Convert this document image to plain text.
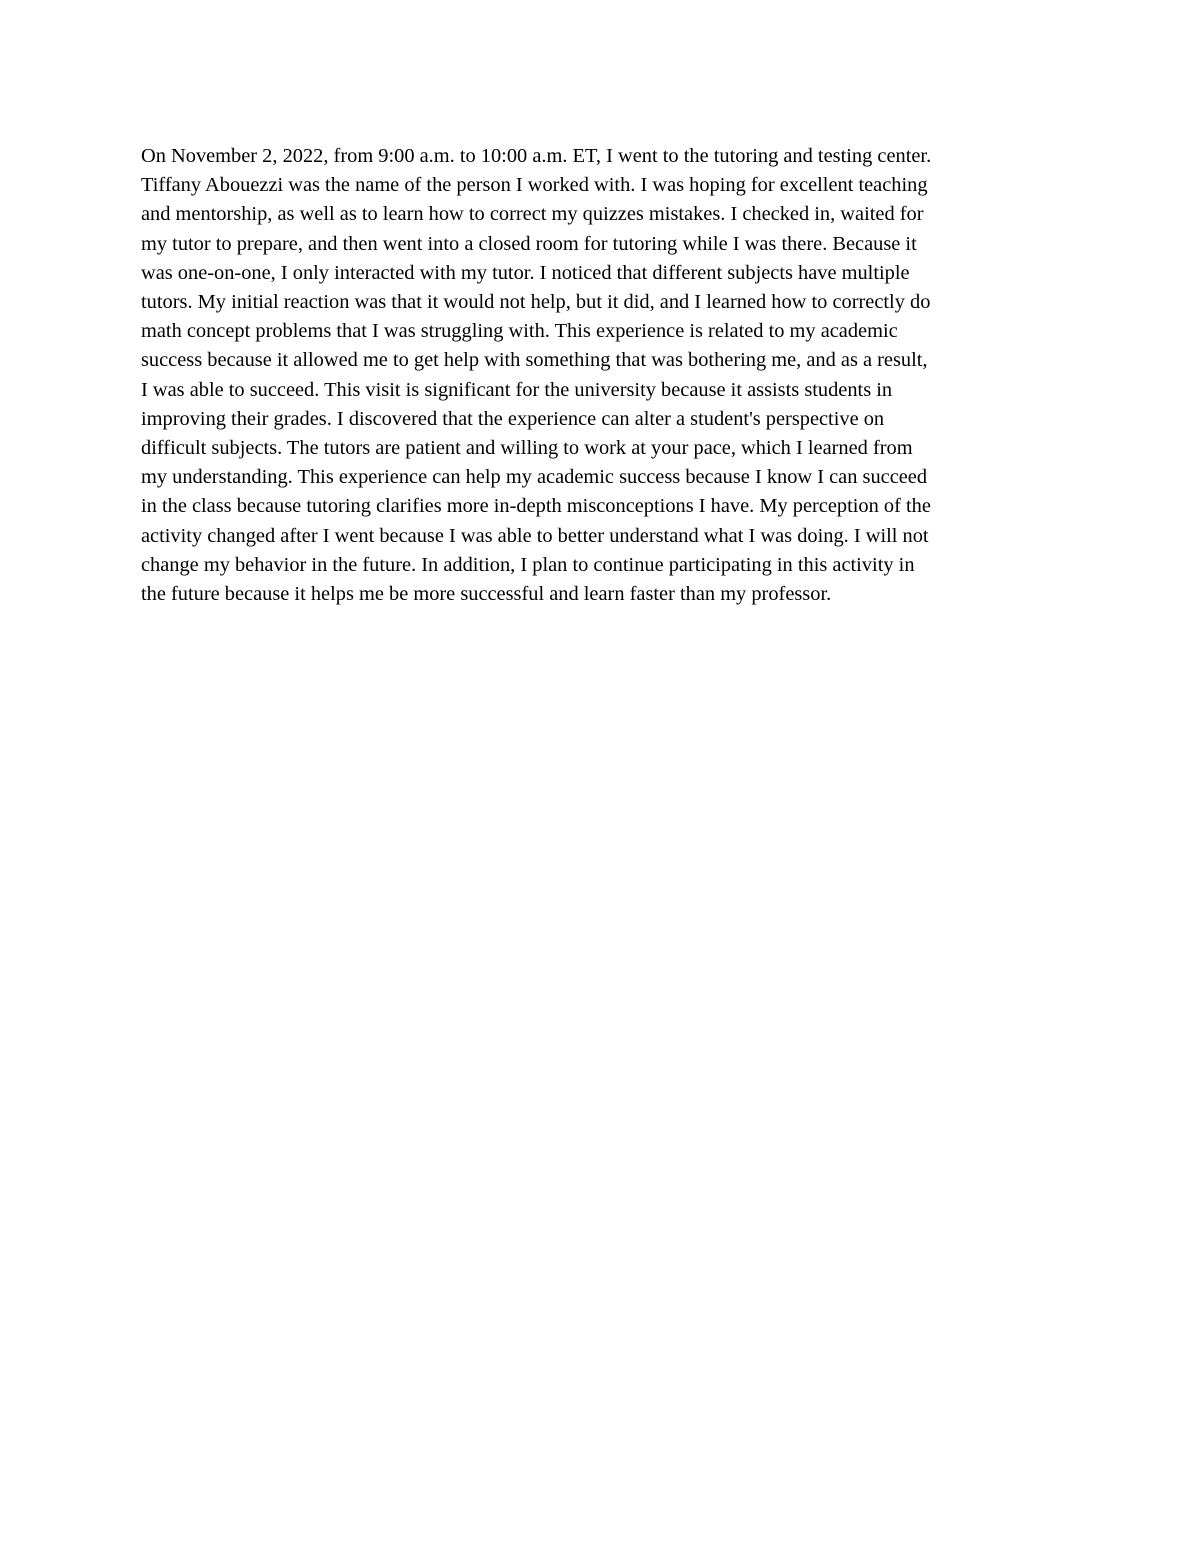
On November 2, 2022, from 9:00 a.m. to 10:00 a.m. ET, I went to the tutoring and testing center.
Tiffany Abouezzi was the name of the person I worked with. I was hoping for excellent teaching
and mentorship, as well as to learn how to correct my quizzes mistakes. I checked in, waited for
my tutor to prepare, and then went into a closed room for tutoring while I was there. Because it
was one-on-one, I only interacted with my tutor. I noticed that different subjects have multiple
tutors. My initial reaction was that it would not help, but it did, and I learned how to correctly do
math concept problems that I was struggling with. This experience is related to my academic
success because it allowed me to get help with something that was bothering me, and as a result,
I was able to succeed. This visit is significant for the university because it assists students in
improving their grades. I discovered that the experience can alter a student's perspective on
difficult subjects. The tutors are patient and willing to work at your pace, which I learned from
my understanding. This experience can help my academic success because I know I can succeed
in the class because tutoring clarifies more in-depth misconceptions I have. My perception of the
activity changed after I went because I was able to better understand what I was doing. I will not
change my behavior in the future. In addition, I plan to continue participating in this activity in
the future because it helps me be more successful and learn faster than my professor.
